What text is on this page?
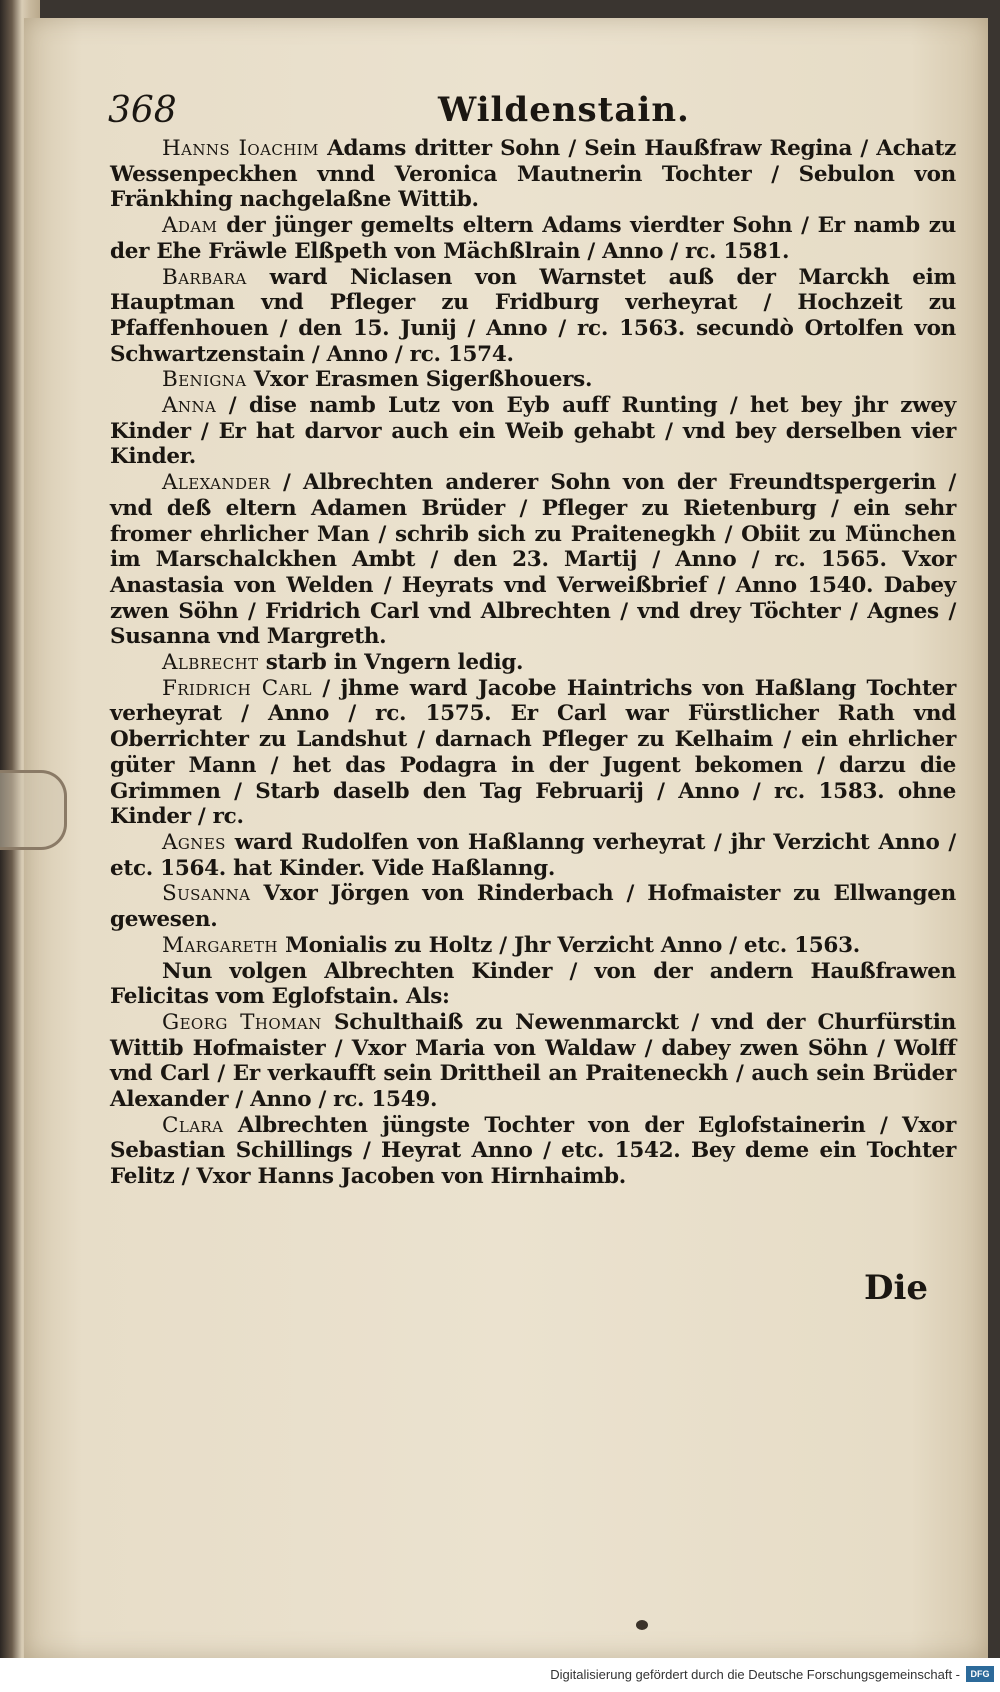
368	Wildenstain.

Hanns Ioachim Adams dritter Sohn / Sein Haußfraw Regina / Achatz Wessenpeckhen vnnd Veronica Mautnerin Tochter / Sebulon von Fränkhing nachgelaßne Wittib.

Adam der jünger gemelts eltern Adams vierdter Sohn / Er namb zu der Ehe Fräwle Elßpeth von Mächßlrain / Anno / rc. 1581.

Barbara ward Niclasen von Warnstet auß der Marckh eim Hauptman vnd Pfleger zu Fridburg verheyrat / Hochzeit zu Pfaffenhouen / den 15. Junij / Anno / rc. 1563. secundò Ortolfen von Schwartzenstain / Anno / rc. 1574.

Benigna Vxor Erasmen Sigerßhouers.

Anna / dise namb Lutz von Eyb auff Runting / het bey jhr zwey Kinder / Er hat darvor auch ein Weib gehabt / vnd bey derselben vier Kinder.

Alexander / Albrechten anderer Sohn von der Freundtspergerin / vnd deß eltern Adamen Brüder / Pfleger zu Rietenburg / ein sehr fromer ehrlicher Man / schrib sich zu Praitenegkh / Obiit zu München im Marschalckhen Ambt / den 23. Martij / Anno / rc. 1565. Vxor Anastasia von Welden / Heyrats vnd Verweißbrief / Anno 1540. Dabey zwen Söhn / Fridrich Carl vnd Albrechten / vnd drey Töchter / Agnes / Susanna vnd Margreth.

Albrecht starb in Vngern ledig.

Fridrich Carl / jhme ward Jacobe Haintrichs von Haßlang Tochter verheyrat / Anno / rc. 1575. Er Carl war Fürstlicher Rath vnd Oberrichter zu Landshut / darnach Pfleger zu Kelhaim / ein ehrlicher güter Mann / het das Podagra in der Jugent bekomen / darzu die Grimmen / Starb daselb den Tag Februarij / Anno / rc. 1583. ohne Kinder / rc.

Agnes ward Rudolfen von Haßlanng verheyrat / jhr Verzicht Anno / etc. 1564. hat Kinder. Vide Haßlanng.

Susanna Vxor Jörgen von Rinderbach / Hofmaister zu Ellwangen gewesen.

Margareth Monialis zu Holtz / Jhr Verzicht Anno / etc. 1563.

Nun volgen Albrechten Kinder / von der andern Haußfrawen Felicitas vom Eglofstain. Als:

Georg Thoman Schulthaiß zu Newenmarckt / vnd der Churfürstin Wittib Hofmaister / Vxor Maria von Waldaw / dabey zwen Söhn / Wolff vnd Carl / Er verkaufft sein Drittheil an Praiteneckh / auch sein Brüder Alexander / Anno / rc. 1549.

Clara Albrechten jüngste Tochter von der Eglofstainerin / Vxor Sebastian Schillings / Heyrat Anno / etc. 1542. Bey deme ein Tochter Felitz / Vxor Hanns Jacoben von Hirnhaimb.

Die
Digitalisierung gefördert durch die Deutsche Forschungsgemeinschaft -	DFG
